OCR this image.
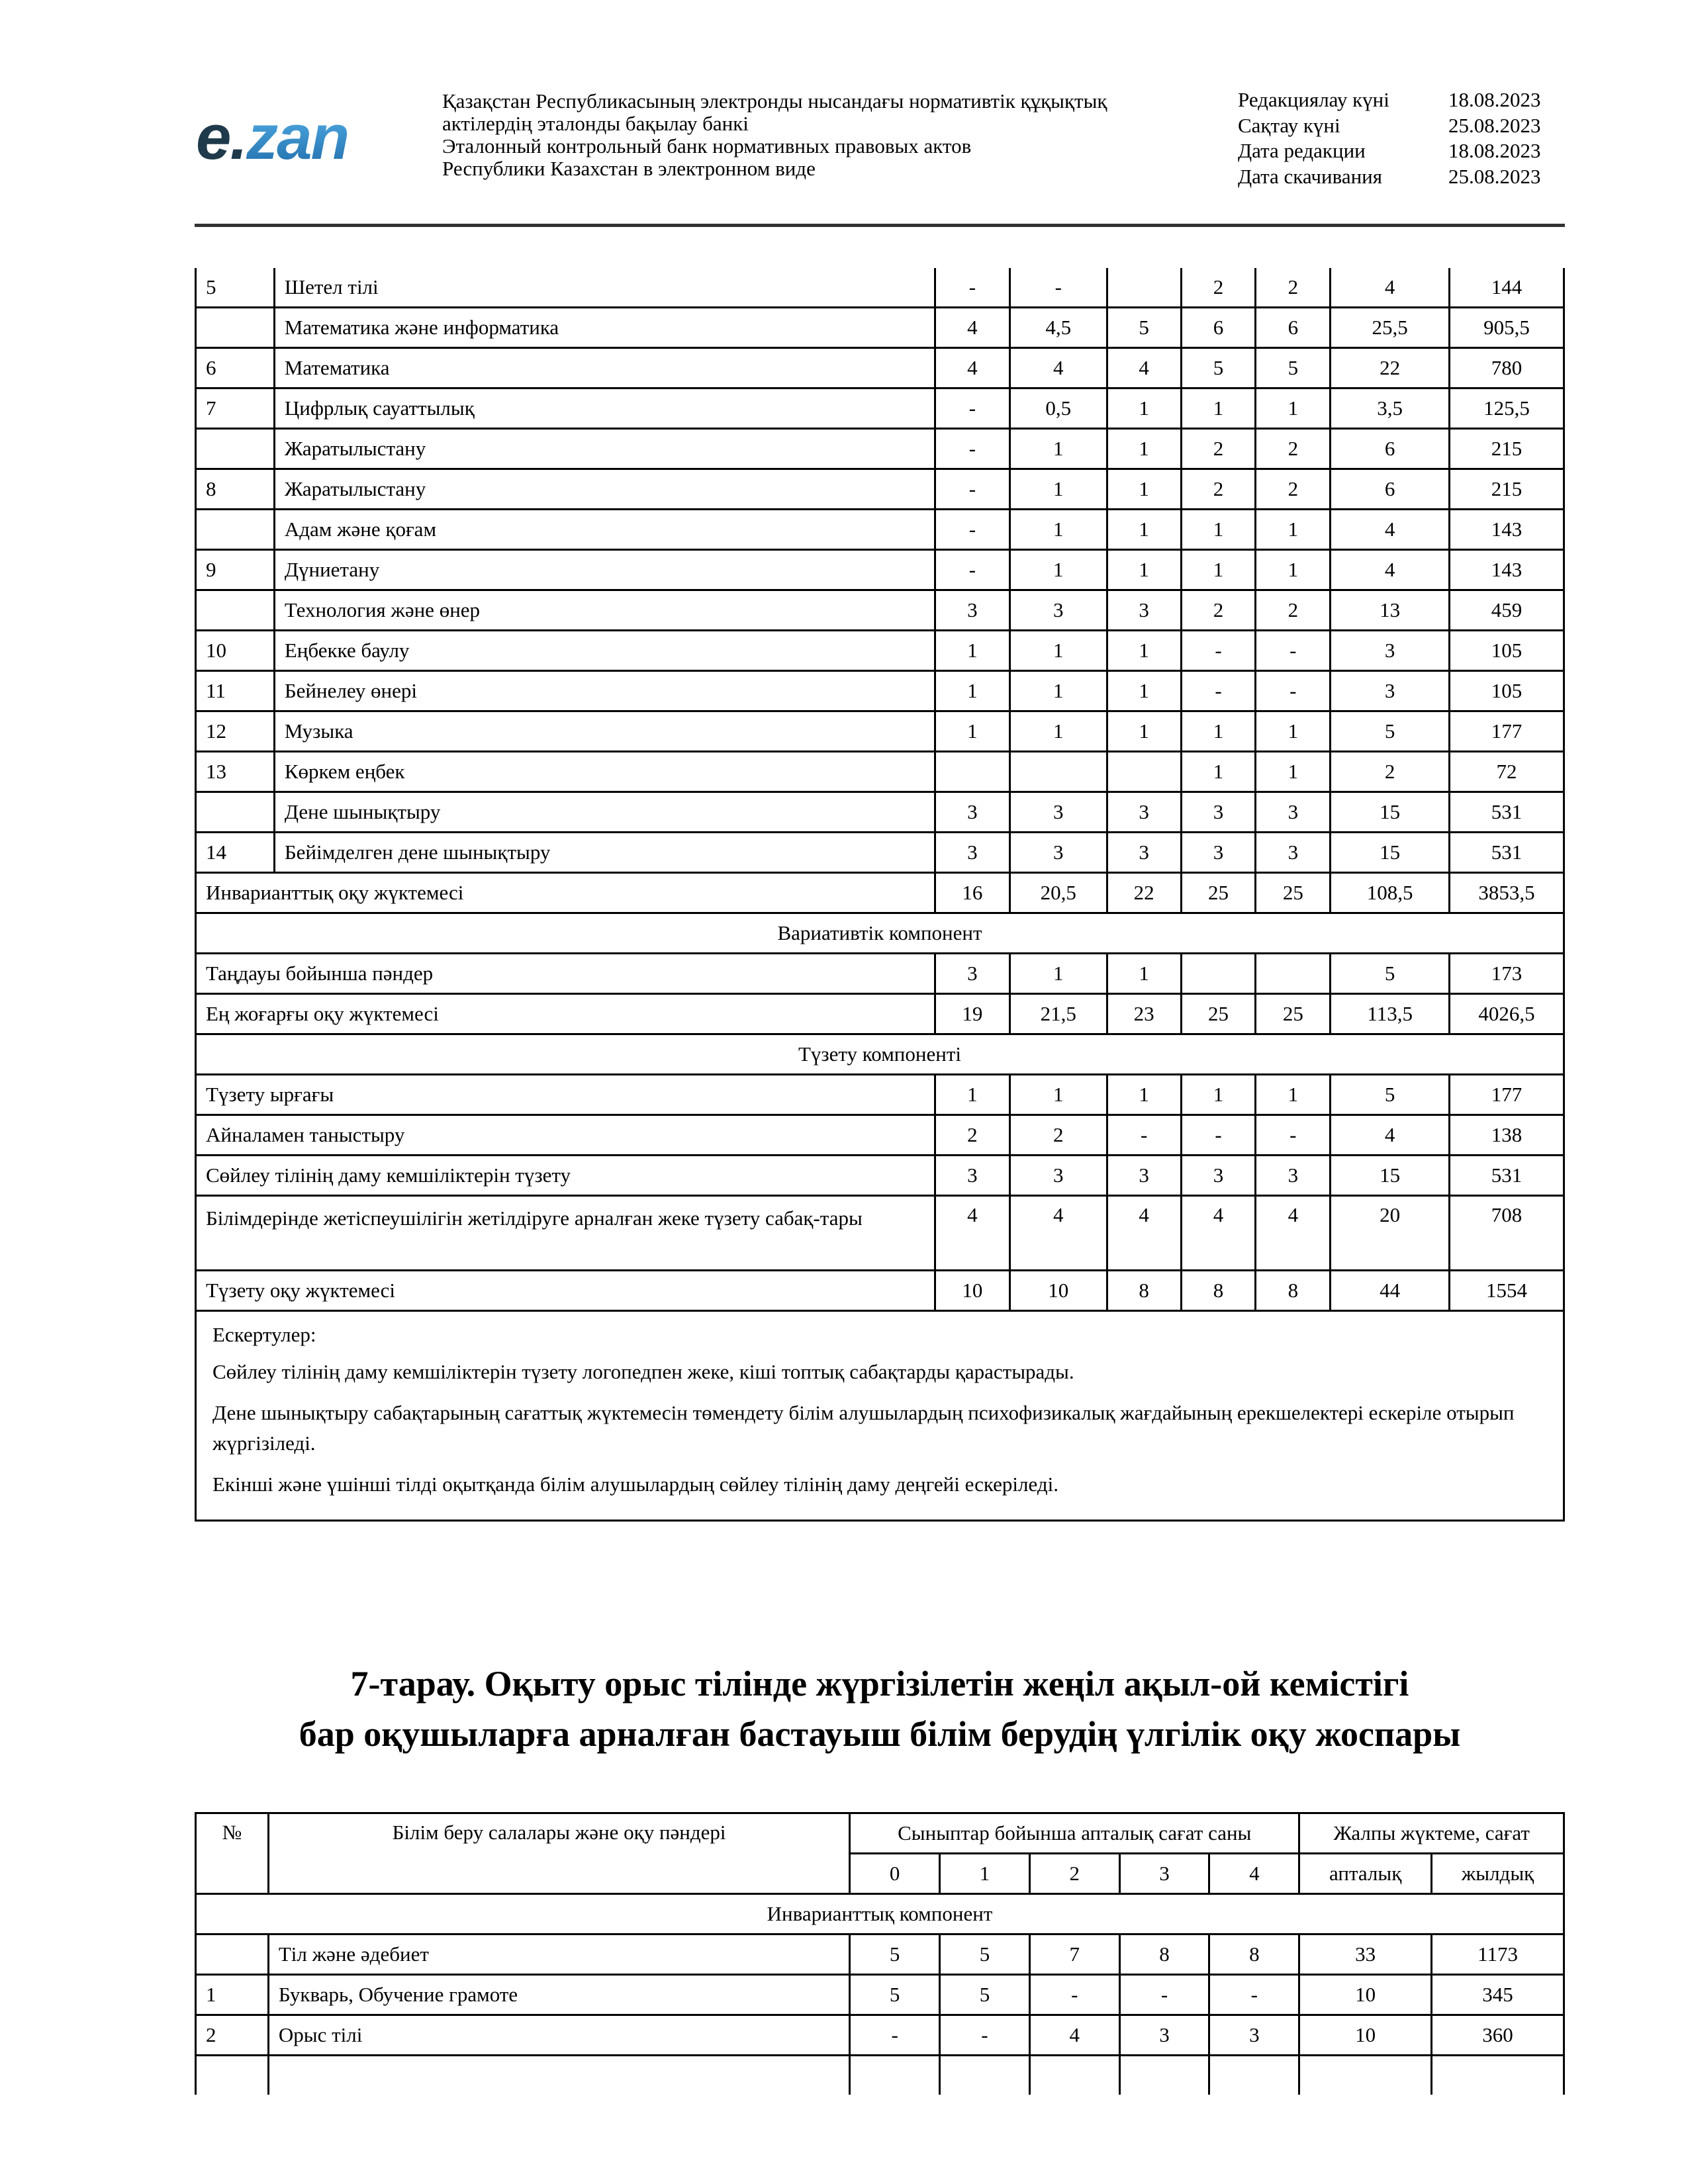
e.zan
Қазақстан Республикасының электронды нысандағы нормативтік құқықтық
актілердің эталонды бақылау банкі
Эталонный контрольный банк нормативных правовых актов
Республики Казахстан в электронном виде
Редакциялау күні	18.08.2023
Сақтау күні	25.08.2023
Дата редакции	18.08.2023
Дата скачивания	25.08.2023
5	Шетел тілі	-	-		2	2	4	144
	Математика және информатика	4	4,5	5	6	6	25,5	905,5
6	Математика	4	4	4	5	5	22	780
7	Цифрлық сауаттылық	-	0,5	1	1	1	3,5	125,5
	Жаратылыстану	-	1	1	2	2	6	215
8	Жаратылыстану	-	1	1	2	2	6	215
	Адам және қоғам	-	1	1	1	1	4	143
9	Дүниетану	-	1	1	1	1	4	143
	Технология және өнер	3	3	3	2	2	13	459
10	Еңбекке баулу	1	1	1	-	-	3	105
11	Бейнелеу өнері	1	1	1	-	-	3	105
12	Музыка	1	1	1	1	1	5	177
13	Көркем еңбек				1	1	2	72
	Дене шынықтыру	3	3	3	3	3	15	531
14	Бейімделген дене шынықтыру	3	3	3	3	3	15	531
Инварианттық оқу жүктемесі		16	20,5	22	25	25	108,5	3853,5
Вариативтік компонент								
Таңдауы бойынша пәндер		3	1	1			5	173
Ең жоғарғы оқу жүктемесі		19	21,5	23	25	25	113,5	4026,5
Түзету компоненті								
Түзету ырғағы		1	1	1	1	1	5	177
Айналамен таныстыру		2	2	-	-	-	4	138
Сөйлеу тілінің даму кемшіліктерін түзету		3	3	3	3	3	15	531
Білімдерінде жетіспеушілігін жетілдіруге арналған жеке түзету сабақ-тары		4	4	4	4	4	20	708
Түзету оқу жүктемесі		10	10	8	8	8	44	1554

Ескертулер:

Сөйлеу тілінің даму кемшіліктерін түзету логопедпен жеке, кіші топтық сабақтарды қарастырады.

Дене шынықтыру сабақтарының сағаттық жүктемесін төмендету білім алушылардың психофизикалық жағдайының ерекшелектері ескеріле отырып жүргізіледі.

Екінші және үшінші тілді оқытқанда білім алушылардың сөйлеу тілінің даму деңгейі ескеріледі.								

7-тарау. Оқыту орыс тілінде жүргізілетін жеңіл ақыл-ой кемістігі
бар оқушыларға арналған бастауыш білім берудің үлгілік оқу жоспары
№	Білім беру салалары және оқу пәндері	Сыныптар бойынша апталық сағат саны					Жалпы жүктеме, сағат	
		0	1	2	3	4	апталық	жылдық
Инварианттық компонент								
	Тіл және әдебиет	5	5	7	8	8	33	1173
1	Букварь, Обучение грамоте	5	5	-	-	-	10	345
2	Орыс тілі	-	-	4	3	3	10	360
